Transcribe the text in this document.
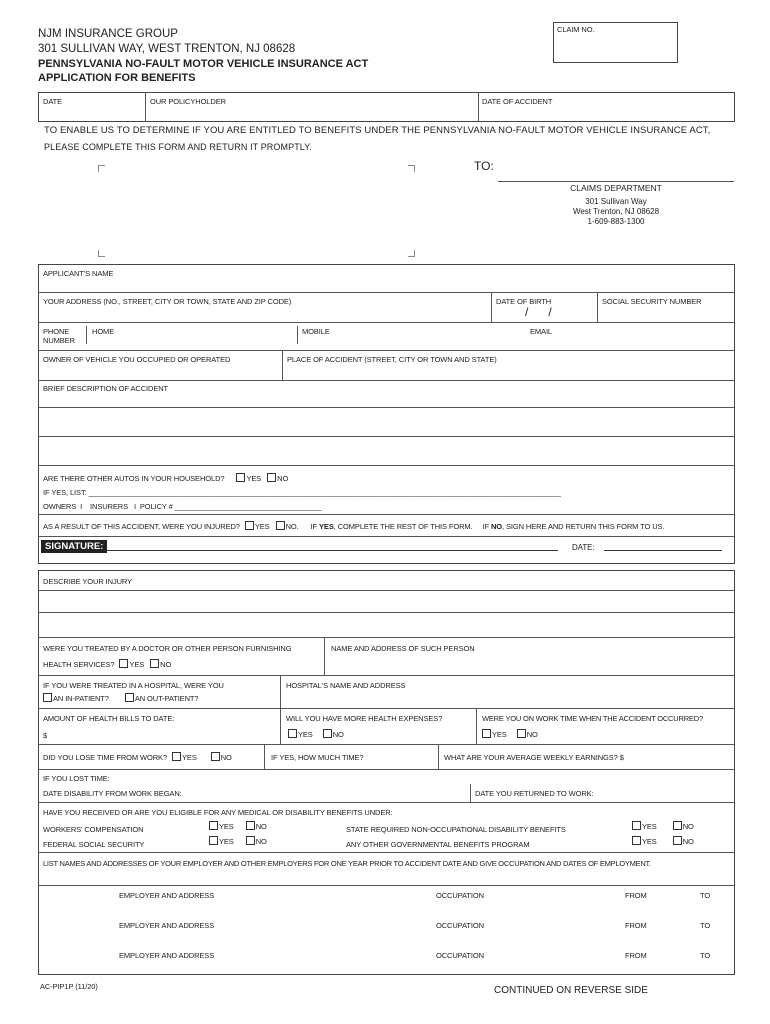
NJM INSURANCE GROUP
301 SULLIVAN WAY, WEST TRENTON, NJ 08628
PENNSYLVANIA NO-FAULT MOTOR VEHICLE INSURANCE ACT
APPLICATION FOR BENEFITS
CLAIM NO.
DATE	OUR POLICYHOLDER	DATE OF ACCIDENT
TO ENABLE US TO DETERMINE IF YOU ARE ENTITLED TO BENEFITS UNDER THE PENNSYLVANIA NO-FAULT MOTOR VEHICLE INSURANCE ACT,
PLEASE COMPLETE THIS FORM AND RETURN IT PROMPTLY.
TO:
CLAIMS DEPARTMENT
301 Sullivan Way
West Trenton, NJ 08628
1-609-883-1300
APPLICANT'S NAME
YOUR ADDRESS (NO., STREET, CITY OR TOWN, STATE AND ZIP CODE)	DATE OF BIRTH
/      /
SOCIAL SECURITY NUMBER
PHONE
NUMBER
HOME	MOBILE	EMAIL
OWNER OF VEHICLE YOU OCCUPIED OR OPERATED	PLACE OF ACCIDENT (STREET, CITY OR TOWN AND STATE)
BRIEF DESCRIPTION OF ACCIDENT
ARE THERE OTHER AUTOS IN YOUR HOUSEHOLD?	YES NO
IF YES, LIST: ____________________________________________________________________________________________________________________
OWNERS  I    INSURERS   I  POLICY # ____________________________________
AS A RESULT OF THIS ACCIDENT, WERE YOU INJURED? YES NO. IF YES, COMPLETE THE REST OF THIS FORM. IF NO, SIGN HERE AND RETURN THIS FORM TO US.
SIGNATURE:	DATE:
DESCRIBE YOUR INJURY
WERE YOU TREATED BY A DOCTOR OR OTHER PERSON FURNISHING
HEALTH SERVICES? YES NO
NAME AND ADDRESS OF SUCH PERSON
IF YOU WERE TREATED IN A HOSPITAL, WERE YOU
AN IN-PATIENT?	AN OUT-PATIENT?
HOSPITAL'S NAME AND ADDRESS
AMOUNT OF HEALTH BILLS TO DATE:
$
WILL YOU HAVE MORE HEALTH EXPENSES?
YES	NO
WERE YOU ON WORK TIME WHEN THE ACCIDENT OCCURRED?
YES	NO
DID YOU LOSE TIME FROM WORK? YES	NO	IF YES, HOW MUCH TIME?	WHAT ARE YOUR AVERAGE WEEKLY EARNINGS? $
IF YOU LOST TIME:
DATE DISABILITY FROM WORK BEGAN:	DATE YOU RETURNED TO WORK:
HAVE YOU RECEIVED OR ARE YOU ELIGIBLE FOR ANY MEDICAL OR DISABILITY BENEFITS UNDER:
WORKERS' COMPENSATION	YES	NO
FEDERAL SOCIAL SECURITY	YES	NO
STATE REQUIRED NON-OCCUPATIONAL DISABILITY BENEFITS	YES	NO
ANY OTHER GOVERNMENTAL BENEFITS PROGRAM	YES	NO
LIST NAMES AND ADDRESSES OF YOUR EMPLOYER AND OTHER EMPLOYERS FOR ONE YEAR PRIOR TO ACCIDENT DATE AND GIVE OCCUPATION AND DATES OF EMPLOYMENT.
EMPLOYER AND ADDRESS	OCCUPATION	FROM	TO
EMPLOYER AND ADDRESS	OCCUPATION	FROM	TO
EMPLOYER AND ADDRESS	OCCUPATION	FROM	TO
AC-PIP1P (11/20)	CONTINUED ON REVERSE SIDE
